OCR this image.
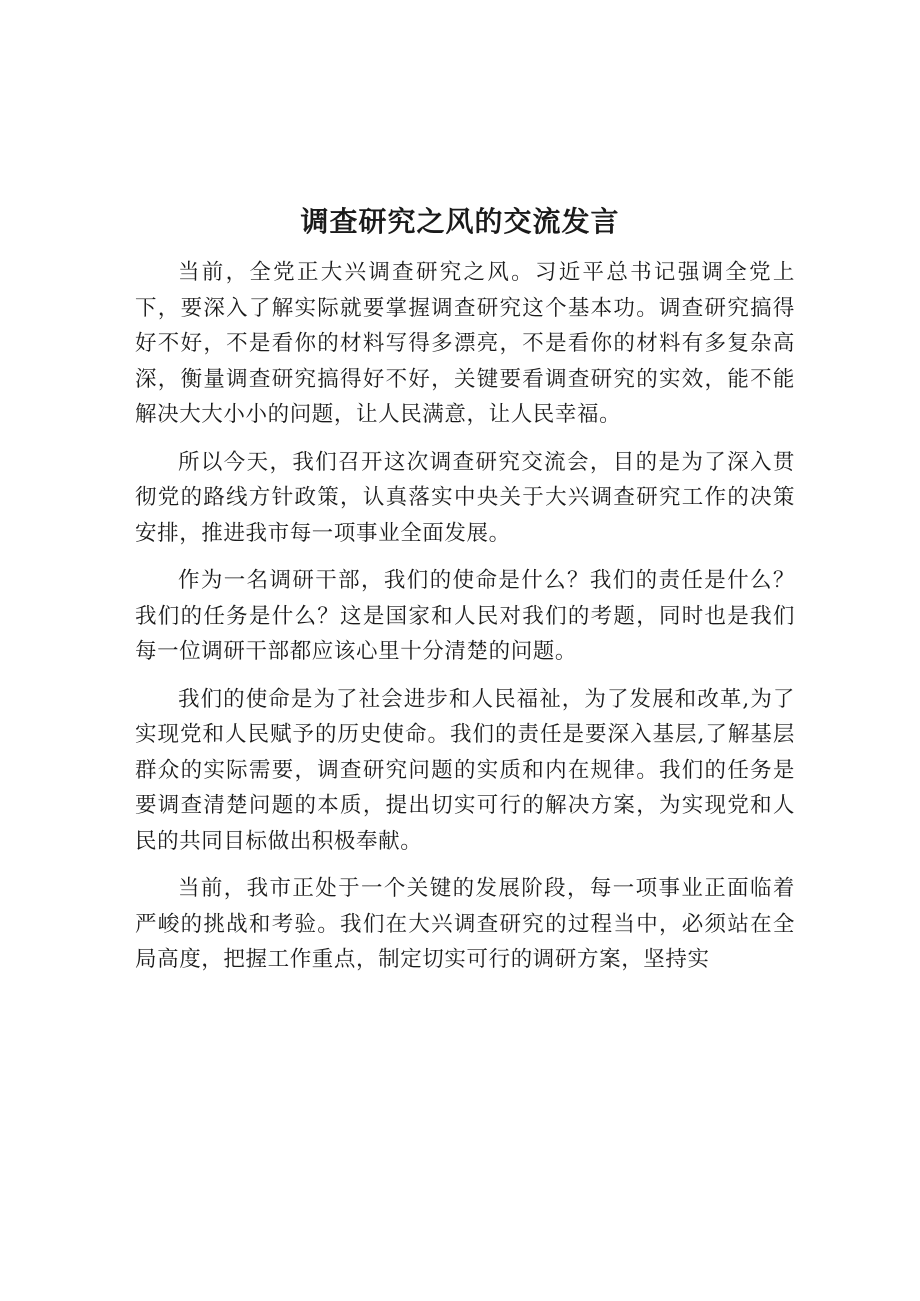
调查研究之风的交流发言

当前，全党正大兴调查研究之风。习近平总书记强调全党上下，要深入了解实际就要掌握调查研究这个基本功。调查研究搞得好不好，不是看你的材料写得多漂亮，不是看你的材料有多复杂高深，衡量调查研究搞得好不好，关键要看调查研究的实效，能不能解决大大小小的问题，让人民满意，让人民幸福。

所以今天，我们召开这次调查研究交流会，目的是为了深入贯彻党的路线方针政策，认真落实中央关于大兴调查研究工作的决策安排，推进我市每一项事业全面发展。

作为一名调研干部，我们的使命是什么？我们的责任是什么？我们的任务是什么？这是国家和人民对我们的考题，同时也是我们每一位调研干部都应该心里十分清楚的问题。

我们的使命是为了社会进步和人民福祉，为了发展和改革,为了实现党和人民赋予的历史使命。我们的责任是要深入基层,了解基层群众的实际需要，调查研究问题的实质和内在规律。我们的任务是要调查清楚问题的本质，提出切实可行的解决方案，为实现党和人民的共同目标做出积极奉献。

当前，我市正处于一个关键的发展阶段，每一项事业正面临着严峻的挑战和考验。我们在大兴调查研究的过程当中，必须站在全局高度，把握工作重点，制定切实可行的调研方案，坚持实
